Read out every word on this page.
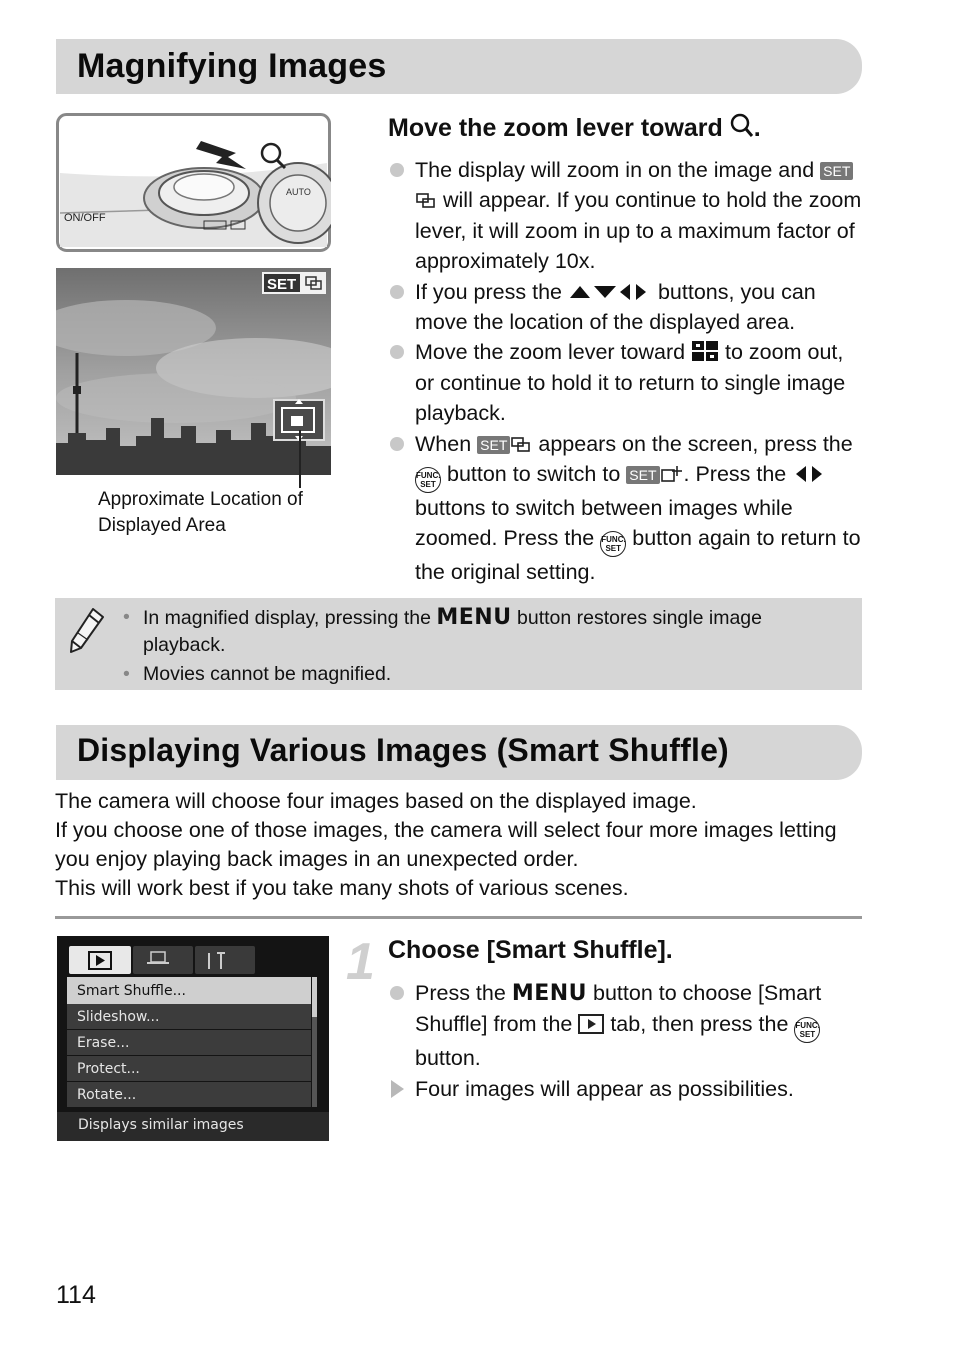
Magnifying Images
AUTO
ON/OFF
SET
Approximate Location of Displayed Area
Move the zoom lever toward .
The display will zoom in on the image and SET will appear. If you continue to hold the zoom lever, it will zoom in up to a maximum factor of approximately 10x.
If you press the	buttons, you can move the location of the displayed area.
Move the zoom lever toward to zoom out, or continue to hold it to return to single image playback.
When SET appears on the screen, press the FUNC.
SET button to switch to SET . Press the  buttons to switch between images while zoomed. Press the FUNC.
SET button again to return to the original setting.
• In magnified display, pressing the MENU button restores single image playback.
• Movies cannot be magnified.
Displaying Various Images (Smart Shuffle)

The camera will choose four images based on the displayed image.

If you choose one of those images, the camera will select four more images letting you enjoy playing back images in an unexpected order.

This will work best if you take many shots of various scenes.

Smart Shuffle...
Slideshow...
Erase...
Protect...
Rotate...
Displays similar images
1 Choose [Smart Shuffle].
Press the MENU button to choose [Smart Shuffle] from the tab, then press the FUNC.
SET button.
Four images will appear as possibilities.
114
